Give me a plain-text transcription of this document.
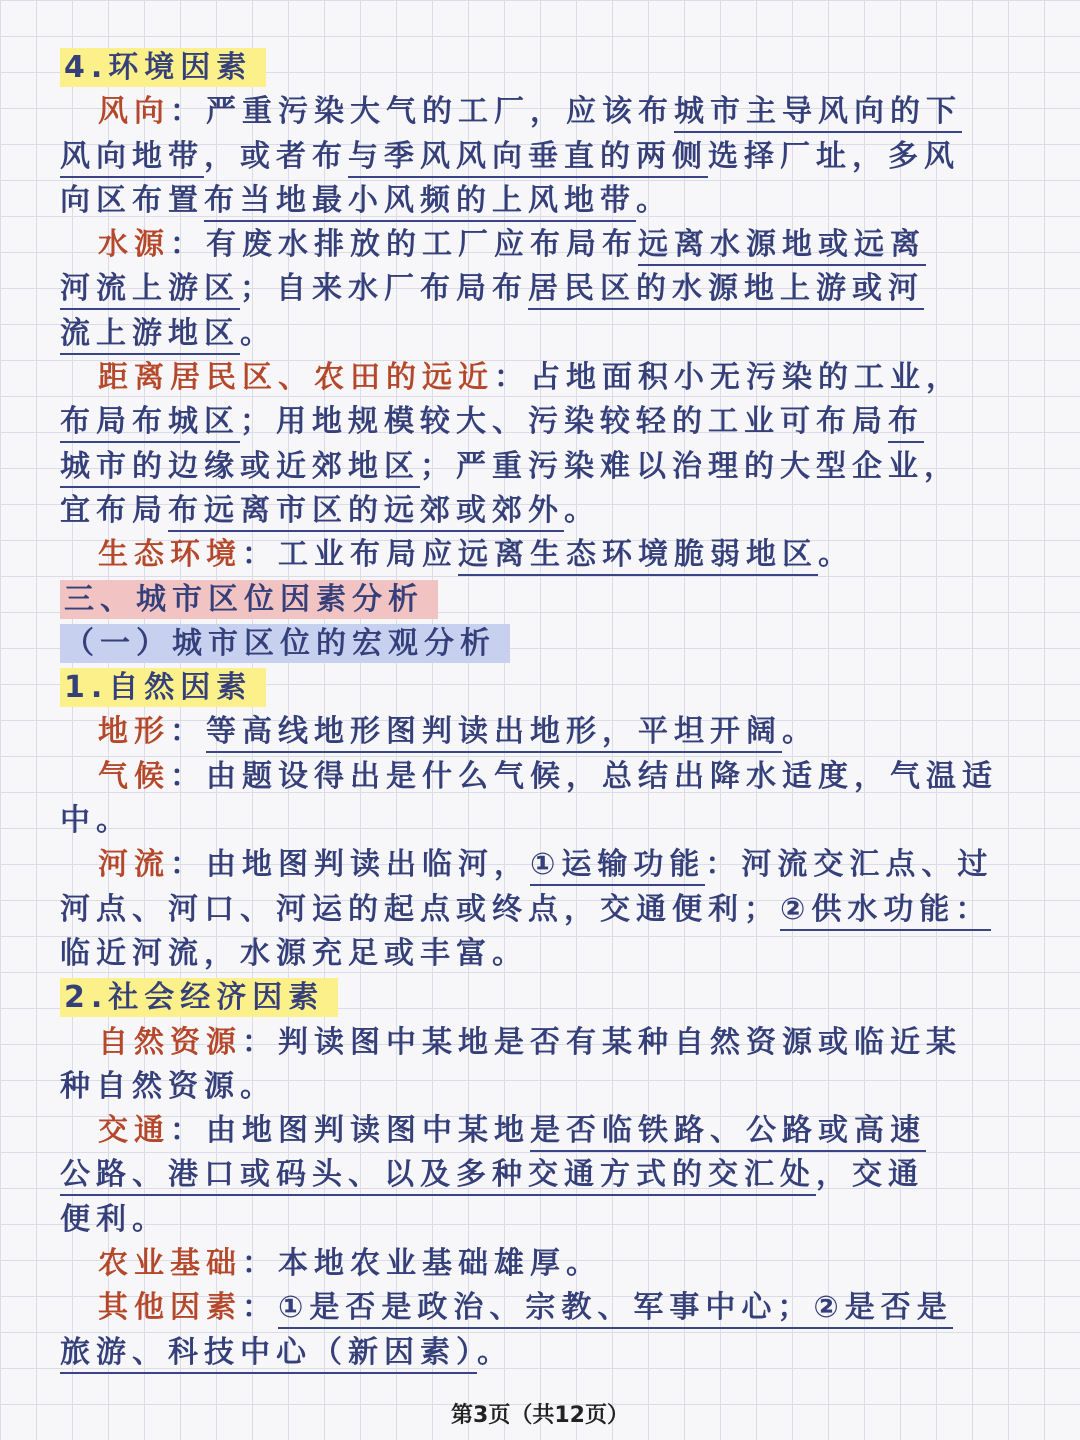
4.环境因素
风向：严重污染大气的工厂，应该布城市主导风向的下
风向地带，或者布与季风风向垂直的两侧选择厂址，多风
向区布置布当地最小风频的上风地带。
水源：有废水排放的工厂应布局布远离水源地或远离
河流上游区；自来水厂布局布居民区的水源地上游或河
流上游地区。
距离居民区、农田的远近：占地面积小无污染的工业，
布局布城区；用地规模较大、污染较轻的工业可布局布
城市的边缘或近郊地区；严重污染难以治理的大型企业，
宜布局布远离市区的远郊或郊外。
生态环境：工业布局应远离生态环境脆弱地区。
三、城市区位因素分析
（一）城市区位的宏观分析
1.自然因素
地形：等高线地形图判读出地形，平坦开阔。
气候：由题设得出是什么气候，总结出降水适度，气温适
中。
河流：由地图判读出临河，①运输功能：河流交汇点、过
河点、河口、河运的起点或终点，交通便利；②供水功能：
临近河流，水源充足或丰富。
2.社会经济因素
自然资源：判读图中某地是否有某种自然资源或临近某
种自然资源。
交通：由地图判读图中某地是否临铁路、公路或高速
公路、港口或码头、以及多种交通方式的交汇处，交通
便利。
农业基础：本地农业基础雄厚。
其他因素：①是否是政治、宗教、军事中心；②是否是
旅游、科技中心（新因素）。
第3页（共12页）
